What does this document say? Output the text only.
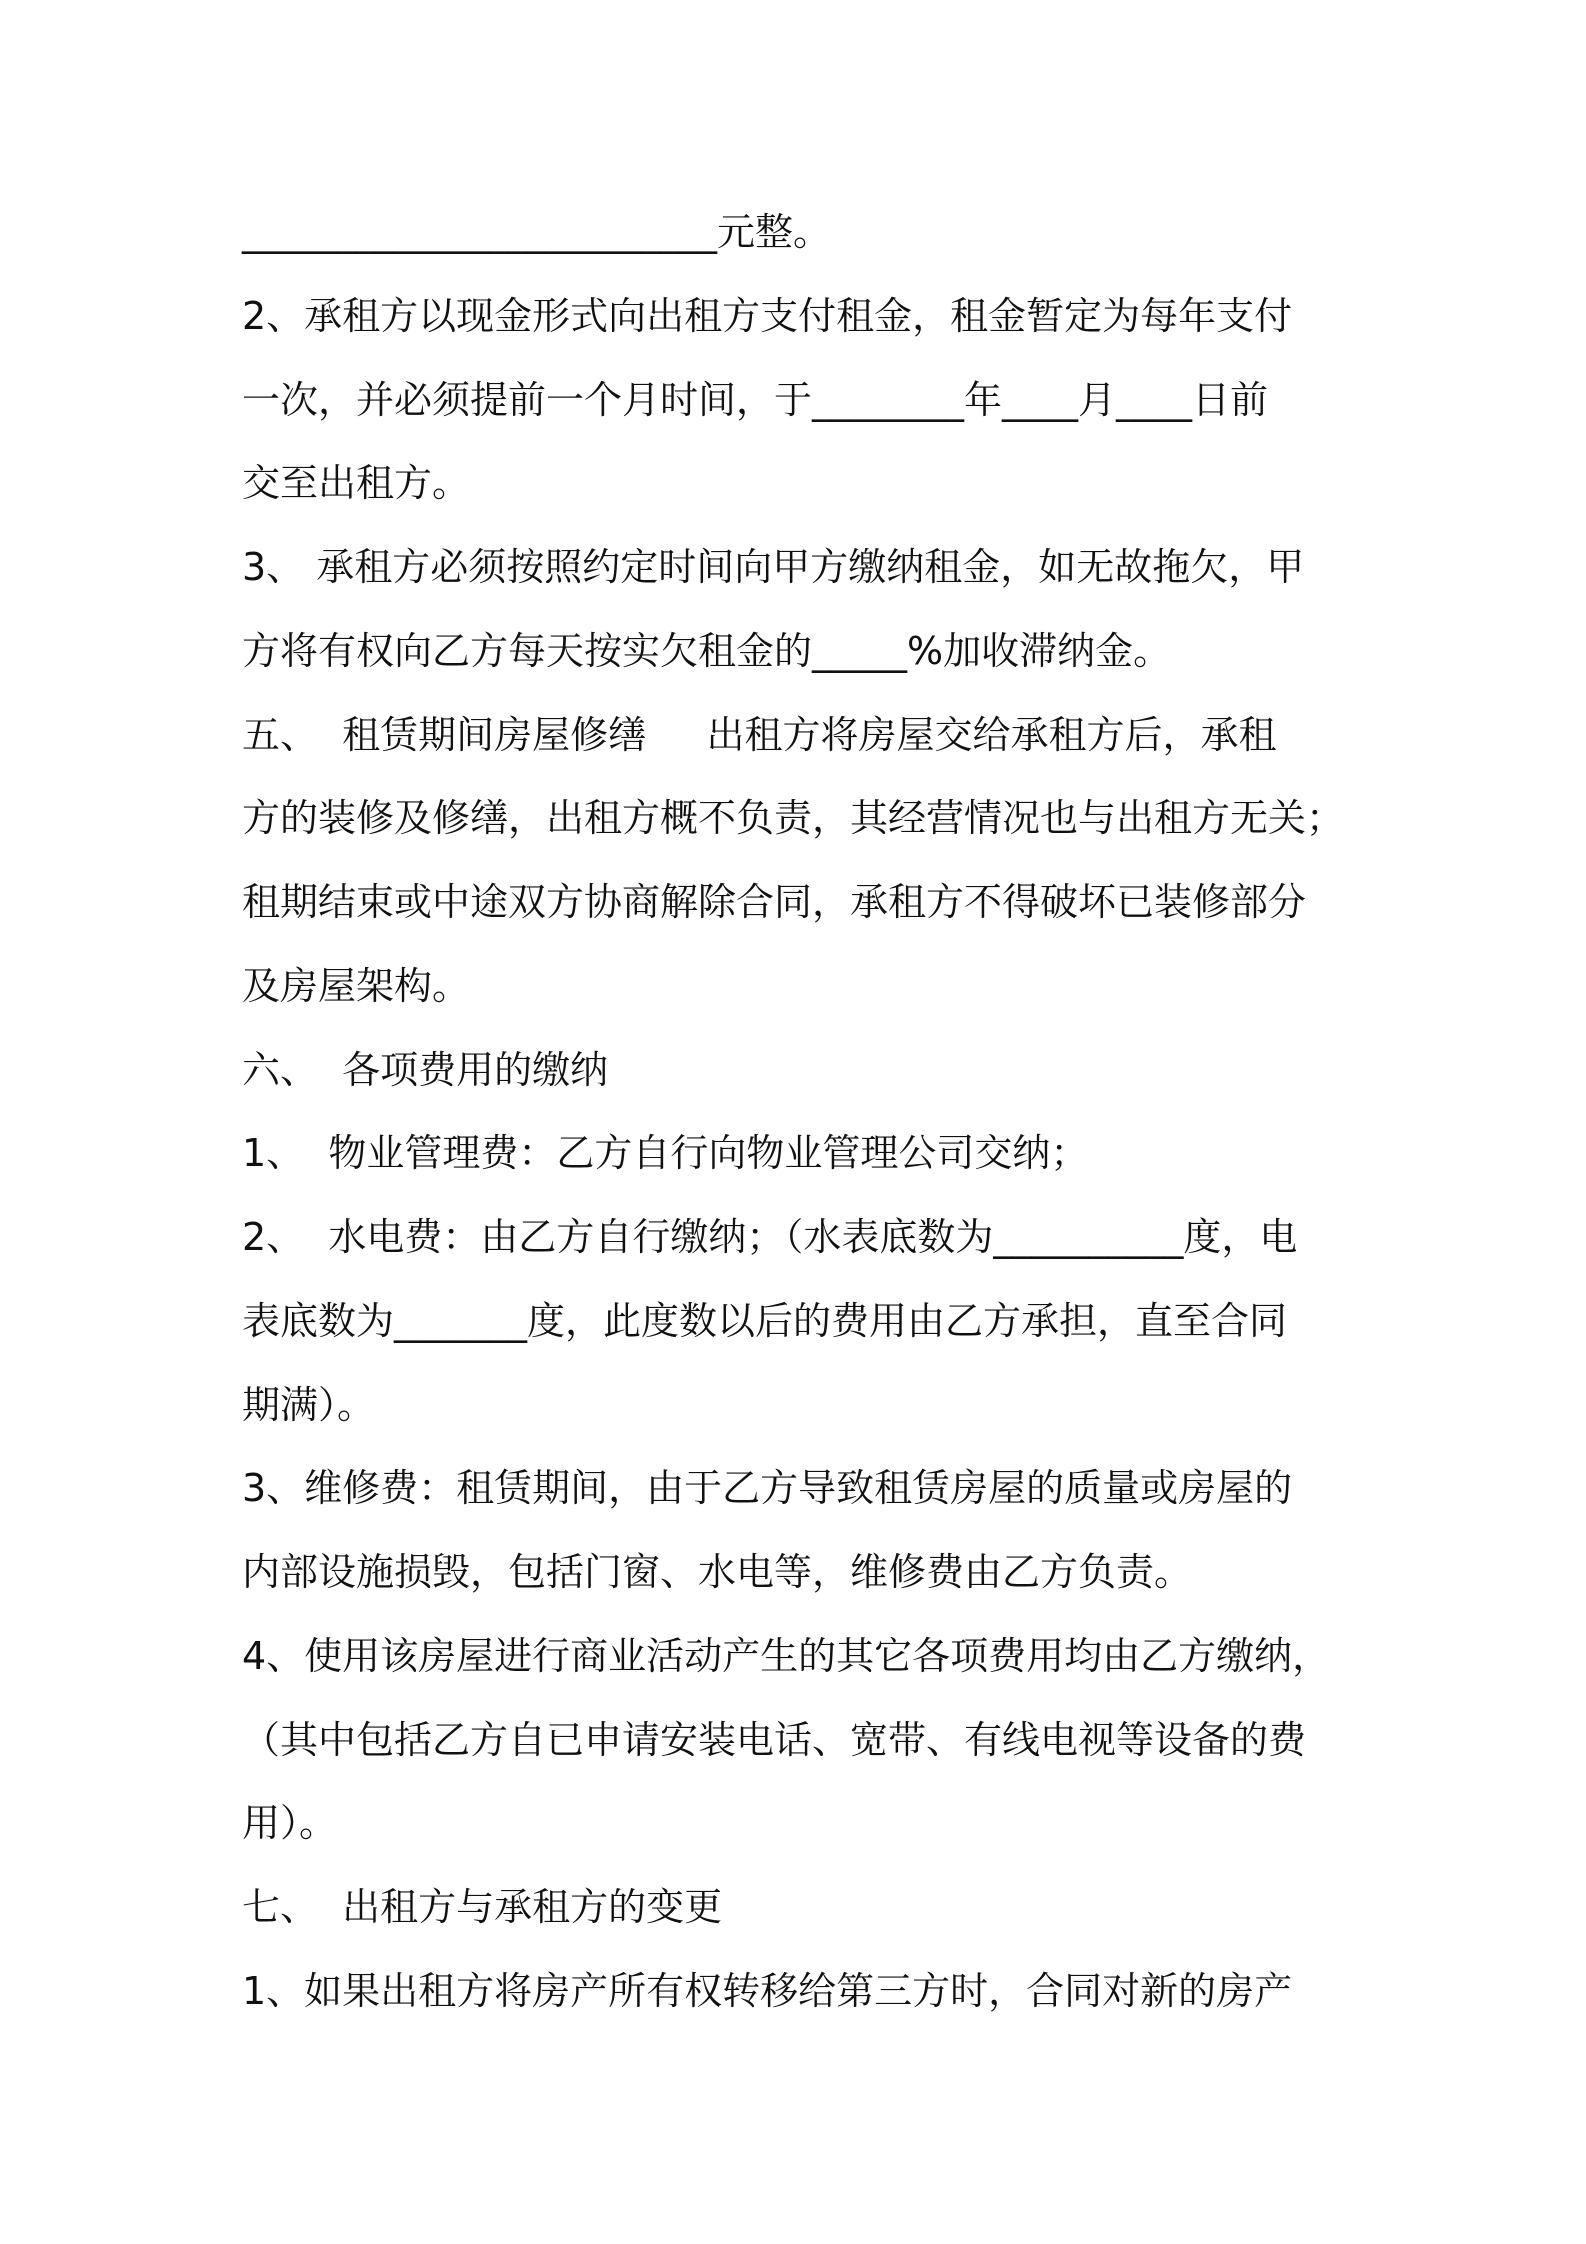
_________________________元整。
2、承租方以现金形式向出租方支付租金，租金暂定为每年支付
一次，并必须提前一个月时间，于________年____月____日前
交至出租方。
3、 承租方必须按照约定时间向甲方缴纳租金，如无故拖欠，甲
方将有权向乙方每天按实欠租金的_____%加收滞纳金。
五、  租赁期间房屋修缮     出租方将房屋交给承租方后，承租
方的装修及修缮，出租方概不负责，其经营情况也与出租方无关；
租期结束或中途双方协商解除合同，承租方不得破坏已装修部分
及房屋架构。
六、  各项费用的缴纳
1、  物业管理费：乙方自行向物业管理公司交纳；
2、  水电费：由乙方自行缴纳；（水表底数为__________度，电
表底数为_______度，此度数以后的费用由乙方承担，直至合同
期满）。
3、维修费：租赁期间，由于乙方导致租赁房屋的质量或房屋的
内部设施损毁，包括门窗、水电等，维修费由乙方负责。
4、使用该房屋进行商业活动产生的其它各项费用均由乙方缴纳，
（其中包括乙方自已申请安装电话、宽带、有线电视等设备的费
用）。
七、  出租方与承租方的变更
1、如果出租方将房产所有权转移给第三方时，合同对新的房产
